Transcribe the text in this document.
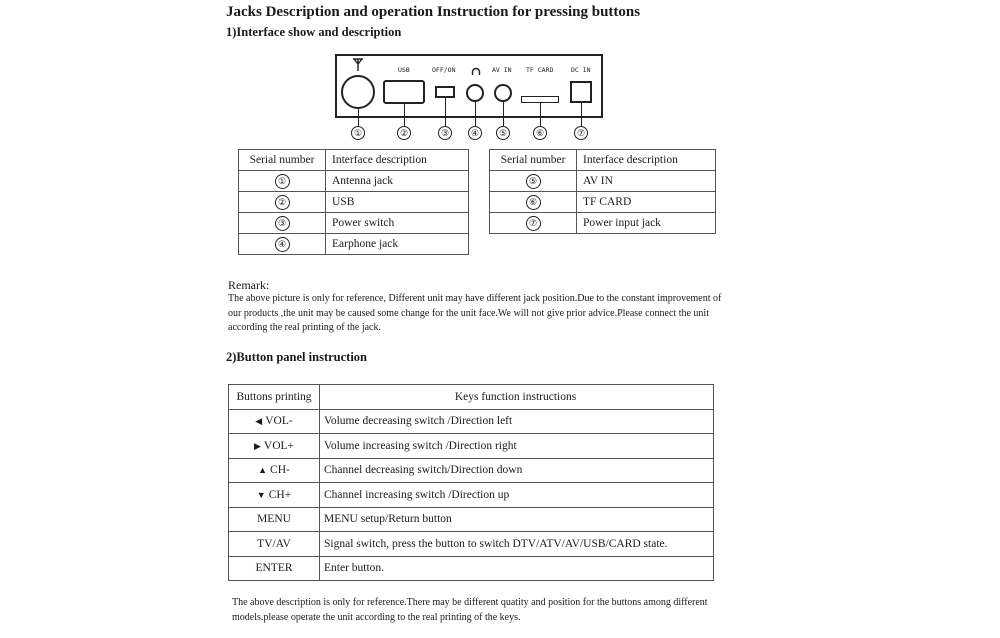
Jacks Description and operation Instruction for pressing buttons
1)Interface show and description
USB	OFF/ON	AV IN TF CARD	DC IN
①	②	③	④	⑤	⑥	⑦
Serial number	Interface description
①	Antenna jack
②	USB
③	Power switch
④	Earphone jack
Serial number	Interface description
⑤	AV IN
⑥	TF CARD
⑦	Power input jack
Remark:
The above picture is only for reference, Different unit may have different jack position.Due to the constant improvement of our products ,the unit may be caused some change for the unit face.We will not give prior advice.Please connect the unit according the real printing of the jack.
2)Button panel instruction
Buttons printing	Keys function instructions
◀ VOL-	Volume decreasing switch /Direction left
▶ VOL+	Volume increasing switch /Direction right
▲ CH-	Channel decreasing switch/Direction down
▼ CH+	Channel increasing switch /Direction up
MENU	MENU setup/Return button
TV/AV	Signal switch, press the button to switch DTV/ATV/AV/USB/CARD state.
ENTER	Enter button.
The above description is only for reference.There may be different quatity and position for the buttons among different models.please operate the unit according to the real printing of the keys.
